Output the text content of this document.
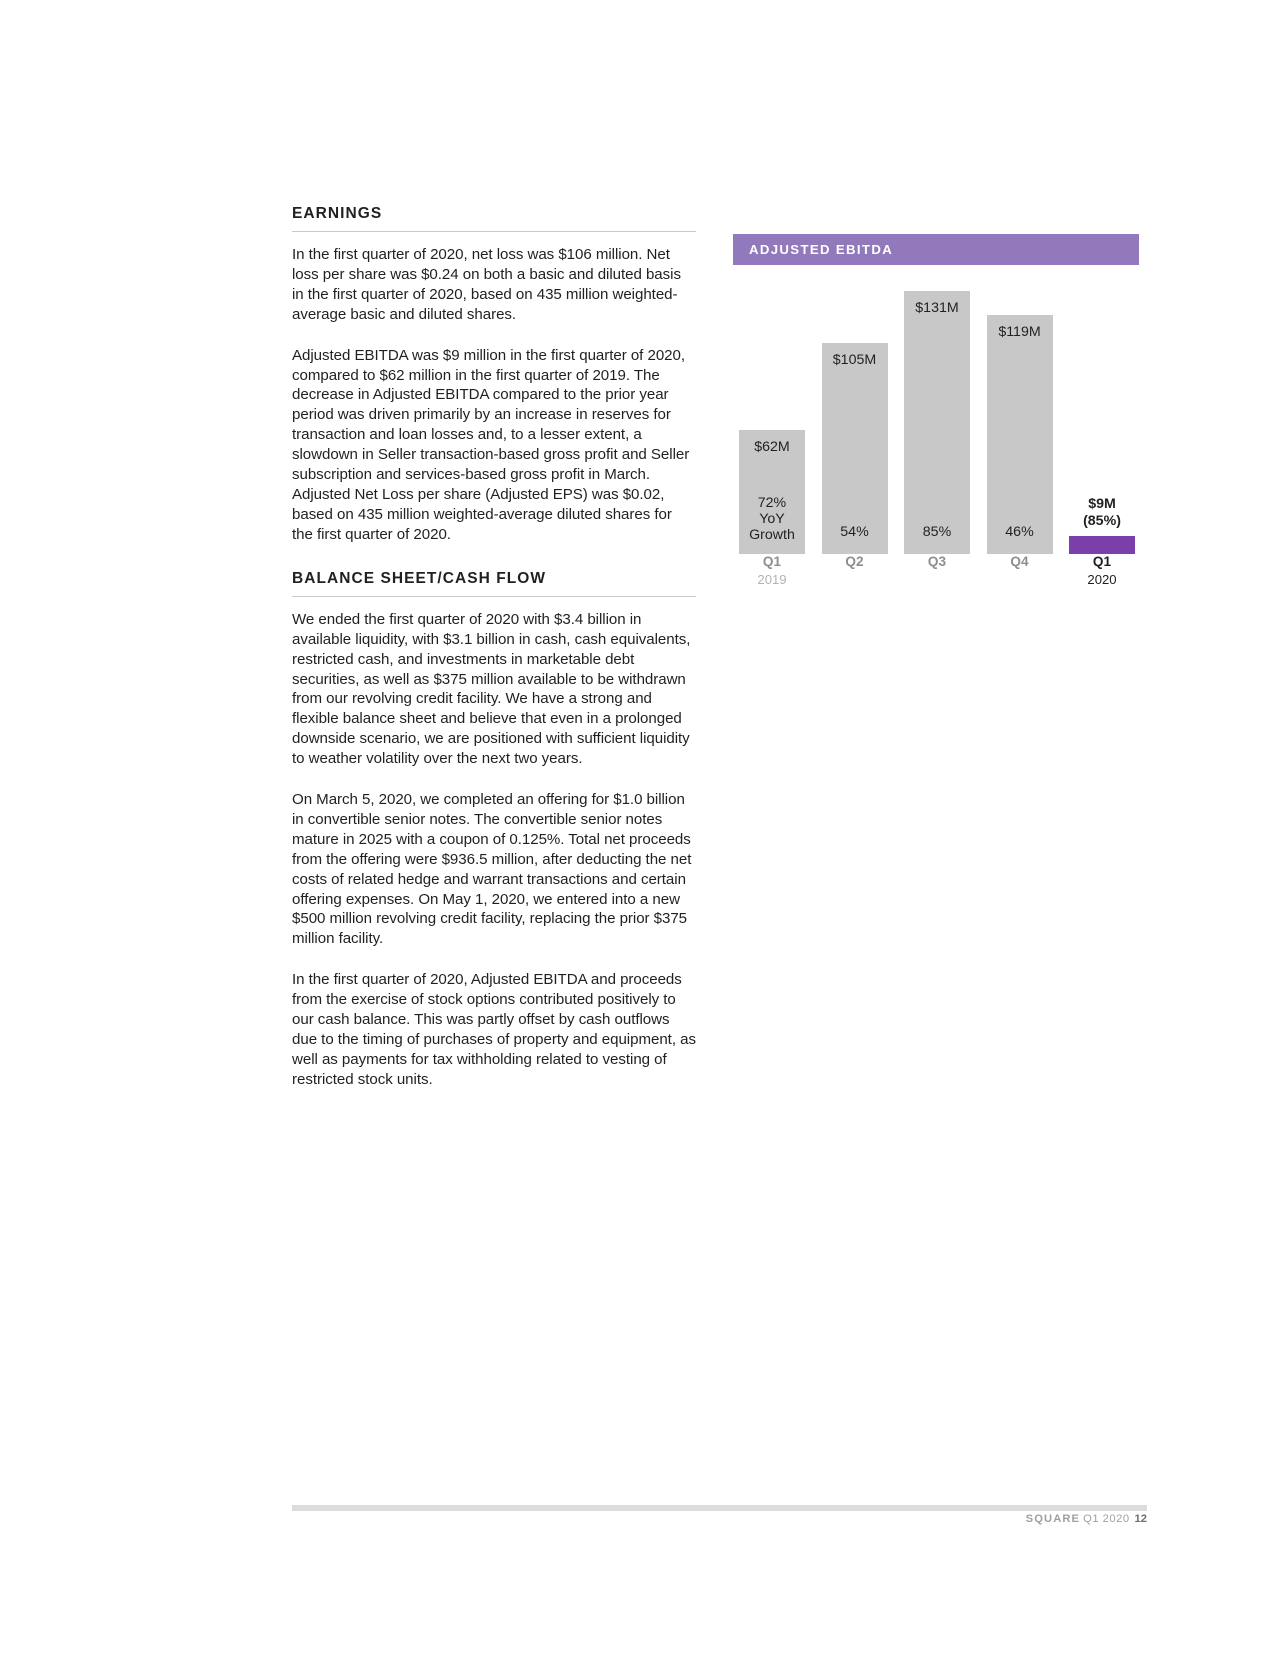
EARNINGS

In the first quarter of 2020, net loss was $106 million. Net loss per share was $0.24 on both a basic and diluted basis in the first quarter of 2020, based on 435 million weighted-average basic and diluted shares.

Adjusted EBITDA was $9 million in the first quarter of 2020, compared to $62 million in the first quarter of 2019. The decrease in Adjusted EBITDA compared to the prior year period was driven primarily by an increase in reserves for transaction and loan losses and, to a lesser extent, a slowdown in Seller transaction-based gross profit and Seller subscription and services-based gross profit in March. Adjusted Net Loss per share (Adjusted EPS) was $0.02, based on 435 million weighted-average diluted shares for the first quarter of 2020.

BALANCE SHEET/CASH FLOW

We ended the first quarter of 2020 with $3.4 billion in available liquidity, with $3.1 billion in cash, cash equivalents, restricted cash, and investments in marketable debt securities, as well as $375 million available to be withdrawn from our revolving credit facility. We have a strong and flexible balance sheet and believe that even in a prolonged downside scenario, we are positioned with sufficient liquidity to weather volatility over the next two years.

On March 5, 2020, we completed an offering for $1.0 billion in convertible senior notes. The convertible senior notes mature in 2025 with a coupon of 0.125%. Total net proceeds from the offering were $936.5 million, after deducting the net costs of related hedge and warrant transactions and certain offering expenses. On May 1, 2020, we entered into a new $500 million revolving credit facility, replacing the prior $375 million facility.

In the first quarter of 2020, Adjusted EBITDA and proceeds from the exercise of stock options contributed positively to our cash balance. This was partly offset by cash outflows due to the timing of purchases of property and equipment, as well as payments for tax withholding related to vesting of restricted stock units.

ADJUSTED EBITDA
$62M
72%
YoY
Growth
$105M
54%
$131M
85%
$119M
46%
$9M
(85%)
Q1
2019
Q2	Q3	Q4	Q1
2020
SQUARE Q1 2020 12
